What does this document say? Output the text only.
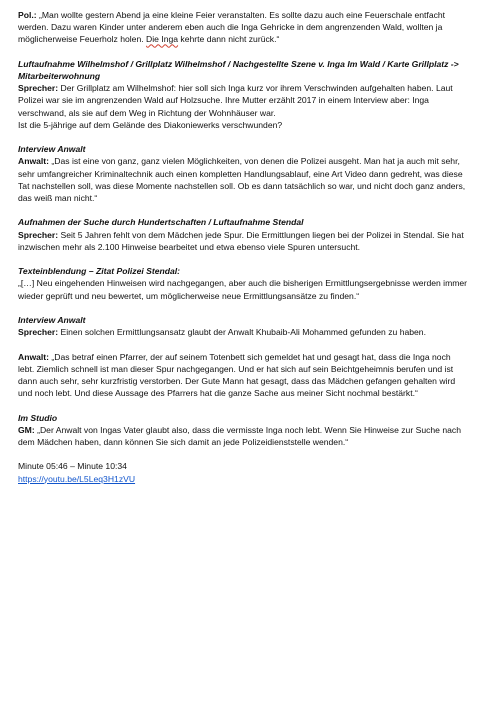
Pol.: „Man wollte gestern Abend ja eine kleine Feier veranstalten. Es sollte dazu auch eine Feuerschale entfacht werden. Dazu waren Kinder unter anderem eben auch die Inga Gehricke in dem angrenzenden Wald, wollten ja möglicherweise Feuerholz holen. Die Inga kehrte dann nicht zurück.“

Luftaufnahme Wilhelmshof / Grillplatz Wilhelmshof / Nachgestellte Szene v. Inga Im Wald / Karte Grillplatz -> Mitarbeiterwohnung

Sprecher: Der Grillplatz am Wilhelmshof: hier soll sich Inga kurz vor ihrem Verschwinden aufgehalten haben. Laut Polizei war sie im angrenzenden Wald auf Holzsuche. Ihre Mutter erzählt 2017 in einem Interview aber: Inga verschwand, als sie auf dem Weg in Richtung der Wohnhäuser war.

Ist die 5-jährige auf dem Gelände des Diakoniewerks verschwunden?

Interview Anwalt

Anwalt: „Das ist eine von ganz, ganz vielen Möglichkeiten, von denen die Polizei ausgeht. Man hat ja auch mit sehr, sehr umfangreicher Kriminaltechnik auch einen kompletten Handlungsablauf, eine Art Video dann gedreht, was diese Tat nachstellen soll, was diese Momente nachstellen soll. Ob es dann tatsächlich so war, und nicht doch ganz anders, das weiß man nicht.“

Aufnahmen der Suche durch Hundertschaften / Luftaufnahme Stendal

Sprecher: Seit 5 Jahren fehlt von dem Mädchen jede Spur. Die Ermittlungen liegen bei der Polizei in Stendal. Sie hat inzwischen mehr als 2.100 Hinweise bearbeitet und etwa ebenso viele Spuren untersucht.

Texteinblendung – Zitat Polizei Stendal:

„[…] Neu eingehenden Hinweisen wird nachgegangen, aber auch die bisherigen Ermittlungsergebnisse werden immer wieder geprüft und neu bewertet, um möglicherweise neue Ermittlungsansätze zu finden.“

Interview Anwalt

Sprecher: Einen solchen Ermittlungsansatz glaubt der Anwalt Khubaib-Ali Mohammed gefunden zu haben.

Anwalt: „Das betraf einen Pfarrer, der auf seinem Totenbett sich gemeldet hat und gesagt hat, dass die Inga noch lebt. Ziemlich schnell ist man dieser Spur nachgegangen. Und er hat sich auf sein Beichtgeheimnis berufen und ist dann auch sehr, sehr kurzfristig verstorben. Der Gute Mann hat gesagt, dass das Mädchen gefangen gehalten wird und noch lebt. Und diese Aussage des Pfarrers hat die ganze Sache aus meiner Sicht nochmal bestärkt.“

Im Studio

GM: „Der Anwalt von Ingas Vater glaubt also, dass die vermisste Inga noch lebt. Wenn Sie Hinweise zur Suche nach dem Mädchen haben, dann können Sie sich damit an jede Polizeidienststelle wenden.“

Minute 05:46 – Minute 10:34

https://youtu.be/L5Leq3H1zVU
